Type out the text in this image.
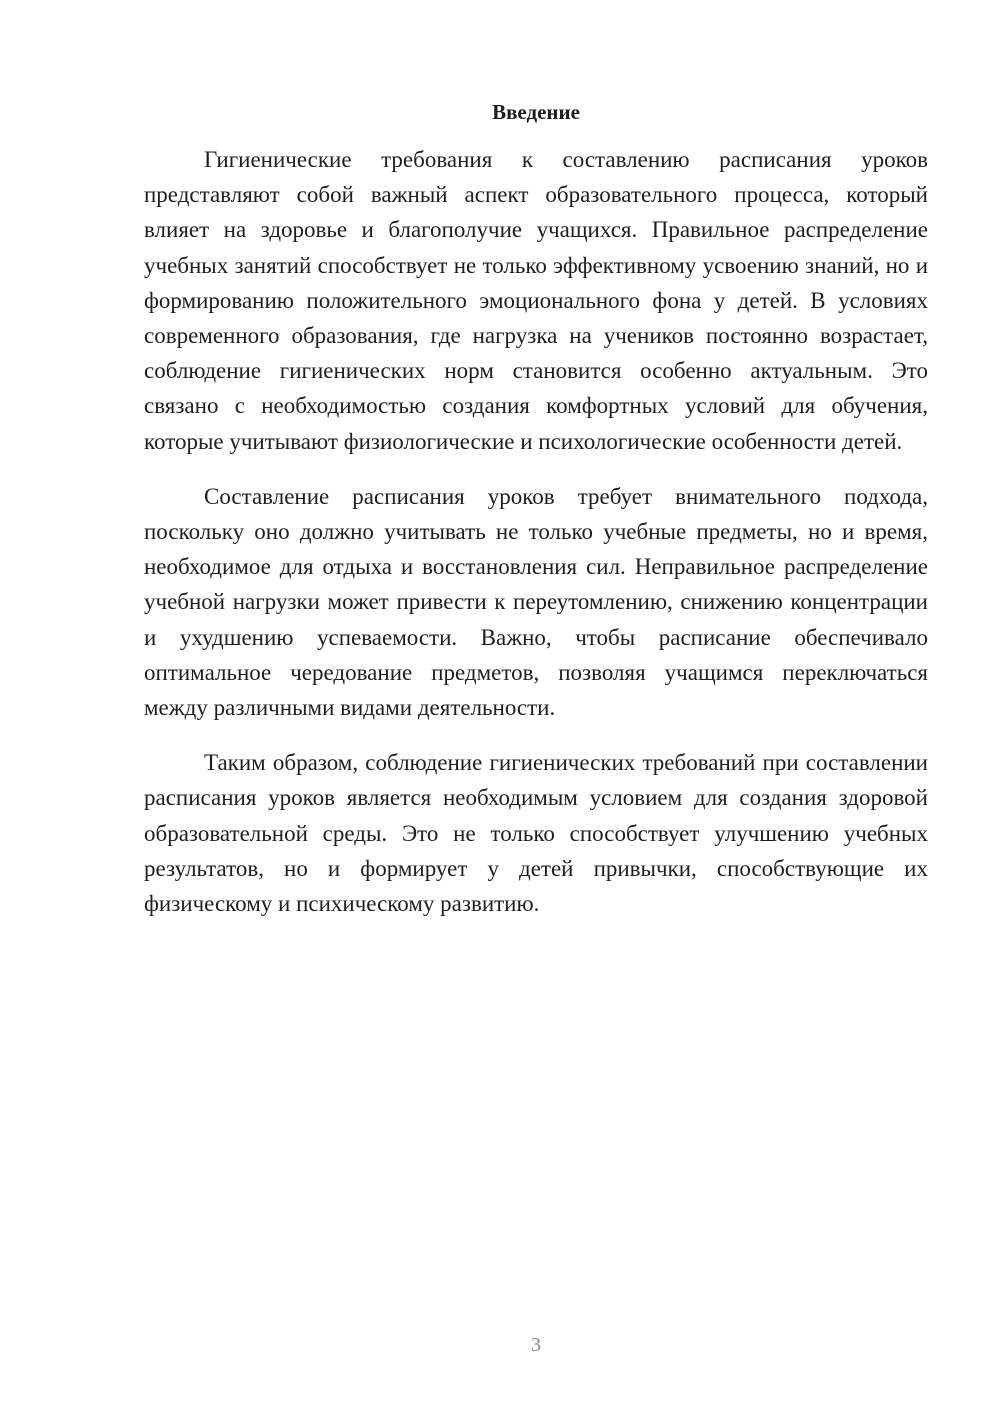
Введение

Гигиенические требования к составлению расписания уроков представляют собой важный аспект образовательного процесса, который влияет на здоровье и благополучие учащихся. Правильное распределение учебных занятий способствует не только эффективному усвоению знаний, но и формированию положительного эмоционального фона у детей. В условиях современного образования, где нагрузка на учеников постоянно возрастает, соблюдение гигиенических норм становится особенно актуальным. Это связано с необходимостью создания комфортных условий для обучения, которые учитывают физиологические и психологические особенности детей.

Составление расписания уроков требует внимательного подхода, поскольку оно должно учитывать не только учебные предметы, но и время, необходимое для отдыха и восстановления сил. Неправильное распределение учебной нагрузки может привести к переутомлению, снижению концентрации и ухудшению успеваемости. Важно, чтобы расписание обеспечивало оптимальное чередование предметов, позволяя учащимся переключаться между различными видами деятельности.

Таким образом, соблюдение гигиенических требований при составлении расписания уроков является необходимым условием для создания здоровой образовательной среды. Это не только способствует улучшению учебных результатов, но и формирует у детей привычки, способствующие их физическому и психическому развитию.

3
